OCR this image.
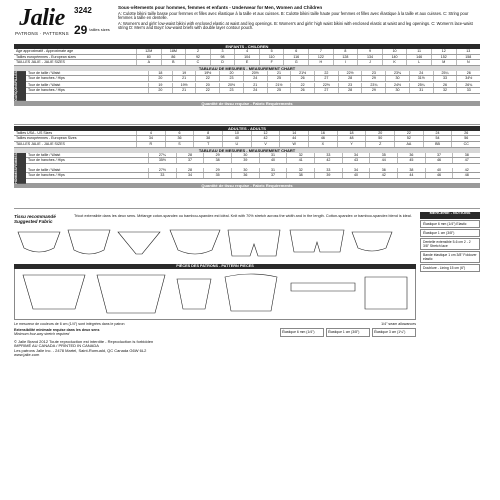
Jalie
PATRONS · PATTERNS
3242
29 tailles sizes
Sous-vêtements pour hommes, femmes et enfants - Underwear for Men, Women and Children

A: Culotte bikini taille basse pour femmes et filles avec élastique à la taille et aux cuisses. B: Culotte bikini taille haute pour femmes et filles avec élastique à la taille et aux cuisses. C: String pour femmes à taille en dentelle.

A: Women's and girls' low-waist bikini with enclosed elastic at waist and leg openings. B: Women's and girls' high waist bikini with enclosed elastic at waist and leg openings. C: Women's lace-waist string D: Men's and Boys' low-waist briefs with double layer contour pouch.

ENFANTS - CHILDREN
Âge approximatif - Approximate age	12M	18M	2	3	4	5	6	7	8	9	10	11	12	13
Tailles européennes - European sizes	80	86	92	98	104	110	116	122	128	134	140	146	152	158
TAILLES JALIE - JALIE SIZES	A	B	C	D	E	F	G	H	I	J	K	L	M	N
TABLEAU DE MESURES - MEASUREMENT CHART
FILLES	Tour de taille / Waist	18	19	19½	20	20½	21	21½	22	22½	23	23¾	24	25¼	26
Tour de hanches / Hips	20	21	22	23	24	25	26	27	28	29	30	31½	33	34½
GARÇONS	Tour de taille / Waist	19	19½	20	20½	21	21½	22	22½	23	23¾	24½	25¼	26	26¾
Tour de hanches / Hips	20	21	22	23	24	25	26	27	28	29	30	31	32	33
Quantité de tissu requise - Fabric Requirements
ADULTES - ADULTS
Tailles USA - US Sizes	4	6	8	10	12	14	16	18	20	22	24	26
Tailles européennes - European Sizes	34	36	38	40	42	44	46	48	50	52	54	56
TAILLES JALIE - JALIE SIZES	R	S	T	U	V	W	X	Y	Z	AA	BB	CC
TABLEAU DE MESURES - MEASUREMENT CHART
FEMMES	Tour de taille / Waist	27¼	28	29	30	31	32	33	34	35	36	37	38
Tour de hanches / Hips	35½	37	38	39	40	41	42	43	44	45	46	47
HOMMES	Tour de taille / Waist	27½	28	29	30	31	32	33	34	36	38	40	42
Tour de hanches / Hips	33	34	35	36	37	38	39	40	42	44	46	48
Quantité de tissu requise - Fabric Requirements
Tissu recommandé Suggested Fabric
Tricot extensible dans les deux sens. Mélange coton-spandex ou bambou-spandex est idéal. Knit with 70% stretch across the width and in the length. Cotton-spandex or bamboo-spandex blend is ideal.
PIÈCES DES PATRONS - PATTERN PIECES
Le mesureur de couleurs de 6 cm (1/4") sont intégrées dans le patron	1/4" seam allowances
Extensibilité minimale requise dans les deux sens
Minimum four-way stretch required
Élastique 6 mm (1/4")	Élastique 1 cm (3/8")	Élastique 3 cm (1¼")
© Jalie Brand 2012 Toute reproduction est interdite - Reproduction is forbidden
IMPRIMÉ AU CANADA / PRINTED IN CANADA
Les patrons Jalie inc. - 2478 Martel, Saint-Romuald, QC Canada G6W 6L2
www.jalie.com
MERCERIE - NOTIONS
Élastique 6 mm (1/4") Elastic
Élastique 1 cm (3/8")
Dentelle extensible 5-6 cm 2 - 2 3/8" Stretch lace
Bande élastique 1 cm 3/8" Foldover elastic
Doublure - Lining 15 cm (6")
